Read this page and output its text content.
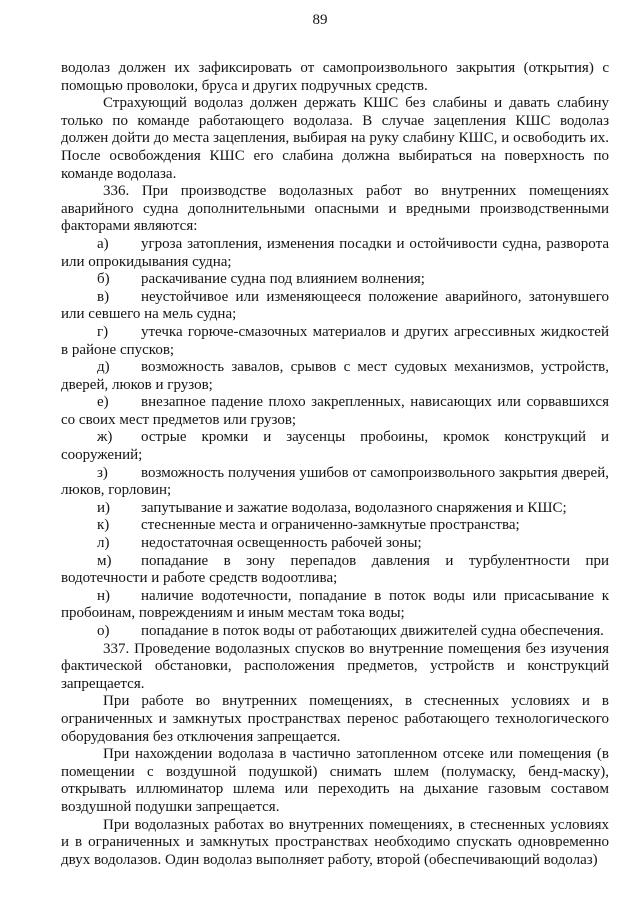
89

водолаз должен их зафиксировать от самопроизвольного закрытия (открытия) с помощью проволоки, бруса и других подручных средств.

Страхующий водолаз должен держать КШС без слабины и давать слабину только по команде работающего водолаза. В случае зацепления КШС водолаз должен дойти до места зацепления, выбирая на руку слабину КШС, и освободить их. После освобождения КШС его слабина должна выбираться на поверхность по команде водолаза.

336. При производстве водолазных работ во внутренних помещениях аварийного судна дополнительными опасными и вредными производственными факторами являются:

а) угроза затопления, изменения посадки и остойчивости судна, разворота или опрокидывания судна;

б) раскачивание судна под влиянием волнения;

в) неустойчивое или изменяющееся положение аварийного, затонувшего или севшего на мель судна;

г) утечка горюче-смазочных материалов и других агрессивных жидкостей в районе спусков;

д) возможность завалов, срывов с мест судовых механизмов, устройств, дверей, люков и грузов;

е) внезапное падение плохо закрепленных, нависающих или сорвавшихся со своих мест предметов или грузов;

ж) острые кромки и заусенцы пробоины, кромок конструкций и сооружений;

з) возможность получения ушибов от самопроизвольного закрытия дверей, люков, горловин;

и) запутывание и зажатие водолаза, водолазного снаряжения и КШС;

к) стесненные места и ограниченно-замкнутые пространства;

л) недостаточная освещенность рабочей зоны;

м) попадание в зону перепадов давления и турбулентности при водотечности и работе средств водоотлива;

н) наличие водотечности, попадание в поток воды или присасывание к пробоинам, повреждениям и иным местам тока воды;

о) попадание в поток воды от работающих движителей судна обеспечения.

337. Проведение водолазных спусков во внутренние помещения без изучения фактической обстановки, расположения предметов, устройств и конструкций запрещается.

При работе во внутренних помещениях, в стесненных условиях и в ограниченных и замкнутых пространствах перенос работающего технологического оборудования без отключения запрещается.

При нахождении водолаза в частично затопленном отсеке или помещения (в помещении с воздушной подушкой) снимать шлем (полумаску, бенд-маску), открывать иллюминатор шлема или переходить на дыхание газовым составом воздушной подушки запрещается.

При водолазных работах во внутренних помещениях, в стесненных условиях и в ограниченных и замкнутых пространствах необходимо спускать одновременно двух водолазов. Один водолаз выполняет работу, второй (обеспечивающий водолаз)
